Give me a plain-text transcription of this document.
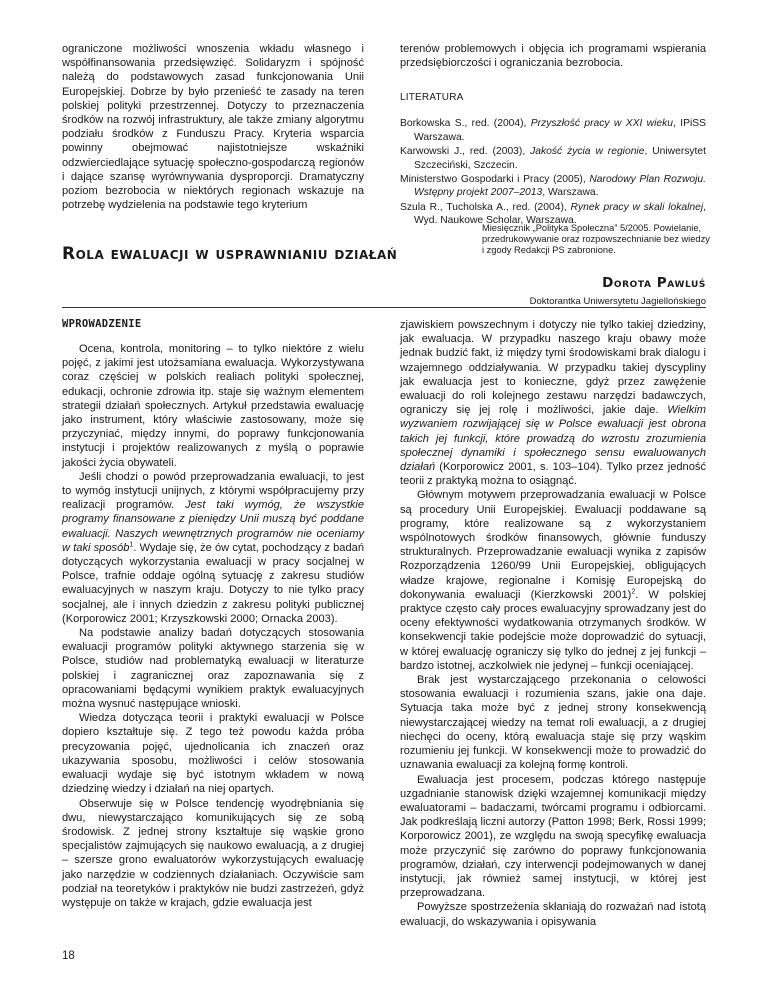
ograniczone możliwości wnoszenia wkładu własnego i współfinansowania przedsięwzięć. Solidaryzm i spójność należą do podstawowych zasad funkcjonowania Unii Europejskiej. Dobrze by było przenieść te zasady na teren polskiej polityki przestrzennej. Dotyczy to przeznaczenia środków na rozwój infrastruktury, ale także zmiany algorytmu podziału środków z Funduszu Pracy. Kryteria wsparcia powinny obejmować najistotniejsze wskaźniki odzwierciedlające sytuację społeczno-gospodarczą regionów i dające szansę wyrównywania dysproporcji. Dramatyczny poziom bezrobocia w niektórych regionach wskazuje na potrzebę wydzielenia na podstawie tego kryterium

terenów problemowych i objęcia ich programami wspierania przedsiębiorczości i ograniczania bezrobocia.

LITERATURA

Borkowska S., red. (2004), Przyszłość pracy w XXI wieku, IPiSS Warszawa.

Karwowski J., red. (2003), Jakość życia w regionie, Uniwersytet Szczeciński, Szczecin.

Ministerstwo Gospodarki i Pracy (2005), Narodowy Plan Rozwoju. Wstępny projekt 2007–2013, Warszawa.

Szula R., Tucholska A., red. (2004), Rynek pracy w skali lokalnej, Wyd. Naukowe Scholar, Warszawa.

Miesięcznik „Polityka Społeczna” 5/2005. Powielanie, przedrukowywanie oraz rozpowszechnianie bez wiedzy i zgody Redakcji PS zabronione.
Rola ewaluacji w usprawnianiu działań
Dorota Pawluś
Doktorantka Uniwersytetu Jagiellońskiego
WPROWADZENIE

Ocena, kontrola, monitoring – to tylko niektóre z wielu pojęć, z jakimi jest utożsamiana ewaluacja. Wykorzystywana coraz częściej w polskich realiach polityki społecznej, edukacji, ochronie zdrowia itp. staje się ważnym elementem strategii działań społecznych. Artykuł przedstawia ewaluację jako instrument, który właściwie zastosowany, może się przyczyniać, między innymi, do poprawy funkcjonowania instytucji i projektów realizowanych z myślą o poprawie jakości życia obywateli.

Jeśli chodzi o powód przeprowadzania ewaluacji, to jest to wymóg instytucji unijnych, z którymi współpracujemy przy realizacji programów. Jest taki wymóg, że wszystkie programy finansowane z pieniędzy Unii muszą być poddane ewaluacji. Naszych wewnętrznych programów nie oceniamy w taki sposób$^1$. Wydaje się, że ów cytat, pochodzący z badań dotyczących wykorzystania ewaluacji w pracy socjalnej w Polsce, trafnie oddaje ogólną sytuację z zakresu studiów ewaluacyjnych w naszym kraju. Dotyczy to nie tylko pracy socjalnej, ale i innych dziedzin z zakresu polityki publicznej (Korporowicz 2001; Krzyszkowski 2000; Ornacka 2003).

Na podstawie analizy badań dotyczących stosowania ewaluacji programów polityki aktywnego starzenia się w Polsce, studiów nad problematyką ewaluacji w literaturze polskiej i zagranicznej oraz zapoznawania się z opracowaniami będącymi wynikiem praktyk ewaluacyjnych można wysnuć następujące wnioski.

Wiedza dotycząca teorii i praktyki ewaluacji w Polsce dopiero kształtuje się. Z tego też powodu każda próba precyzowania pojęć, ujednolicania ich znaczeń oraz ukazywania sposobu, możliwości i celów stosowania ewaluacji wydaje się być istotnym wkładem w nową dziedzinę wiedzy i działań na niej opartych.

Obserwuje się w Polsce tendencję wyodrębniania się dwu, niewystarczająco komunikujących się ze sobą środowisk. Z jednej strony kształtuje się wąskie grono specjalistów zajmujących się naukowo ewaluacją, a z drugiej – szersze grono ewaluatorów wykorzystujących ewaluację jako narzędzie w codziennych działaniach. Oczywiście sam podział na teoretyków i praktyków nie budzi zastrzeżeń, gdyż występuje on także w krajach, gdzie ewaluacja jest

zjawiskiem powszechnym i dotyczy nie tylko takiej dziedziny, jak ewaluacja. W przypadku naszego kraju obawy może jednak budzić fakt, iż między tymi środowiskami brak dialogu i wzajemnego oddziaływania. W przypadku takiej dyscypliny jak ewaluacja jest to konieczne, gdyż przez zawężenie ewaluacji do roli kolejnego zestawu narzędzi badawczych, ograniczy się jej rolę i możliwości, jakie daje. Wielkim wyzwaniem rozwijającej się w Polsce ewaluacji jest obrona takich jej funkcji, które prowadzą do wzrostu zrozumienia społecznej dynamiki i społecznego sensu ewaluowanych działań (Korporowicz 2001, s. 103–104). Tylko przez jedność teorii z praktyką można to osiągnąć.

Głównym motywem przeprowadzania ewaluacji w Polsce są procedury Unii Europejskiej. Ewaluacji poddawane są programy, które realizowane są z wykorzystaniem wspólnotowych środków finansowych, głównie funduszy strukturalnych. Przeprowadzanie ewaluacji wynika z zapisów Rozporządzenia 1260/99 Unii Europejskiej, obligujących władze krajowe, regionalne i Komisję Europejską do dokonywania ewaluacji (Kierzkowski 2001)$^2$. W polskiej praktyce często cały proces ewaluacyjny sprowadzany jest do oceny efektywności wydatkowania otrzymanych środków. W konsekwencji takie podejście może doprowadzić do sytuacji, w której ewaluację ograniczy się tylko do jednej z jej funkcji – bardzo istotnej, aczkolwiek nie jedynej – funkcji oceniającej.

Brak jest wystarczającego przekonania o celowości stosowania ewaluacji i rozumienia szans, jakie ona daje. Sytuacja taka może być z jednej strony konsekwencją niewystarczającej wiedzy na temat roli ewaluacji, a z drugiej niechęci do oceny, którą ewaluacja staje się przy wąskim rozumieniu jej funkcji. W konsekwencji może to prowadzić do uznawania ewaluacji za kolejną formę kontroli.

Ewaluacja jest procesem, podczas którego następuje uzgadnianie stanowisk dzięki wzajemnej komunikacji między ewaluatorami – badaczami, twórcami programu i odbiorcami. Jak podkreślają liczni autorzy (Patton 1998; Berk, Rossi 1999; Korporowicz 2001), ze względu na swoją specyfikę ewaluacja może przyczynić się zarówno do poprawy funkcjonowania programów, działań, czy interwencji podejmowanych w danej instytucji, jak również samej instytucji, w której jest przeprowadzana.

Powyższe spostrzeżenia skłaniają do rozważań nad istotą ewaluacji, do wskazywania i opisywania

18
